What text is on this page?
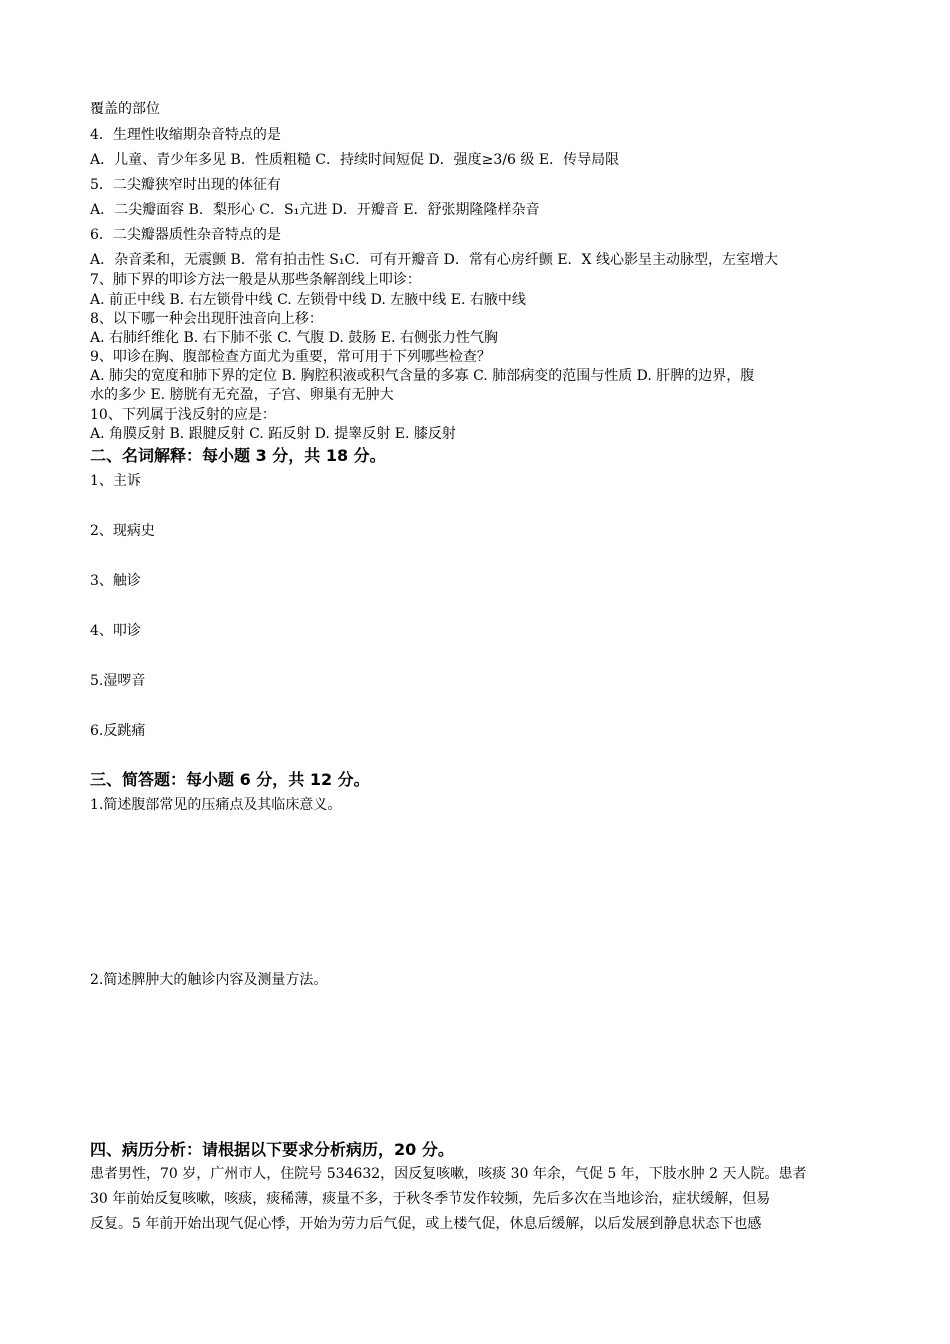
覆盖的部位
4．生理性收缩期杂音特点的是
A．儿童、青少年多见 B．性质粗糙 C．持续时间短促 D．强度≥3/6 级 E．传导局限
5．二尖瓣狭窄时出现的体征有
A．二尖瓣面容 B．梨形心 C．S₁亢进 D．开瓣音 E．舒张期隆隆样杂音
6．二尖瓣器质性杂音特点的是
A．杂音柔和，无震颤 B．常有拍击性 S₁C．可有开瓣音 D．常有心房纤颤 E．X 线心影呈主动脉型，左室增大
7、肺下界的叩诊方法一般是从那些条解剖线上叩诊：
A. 前正中线 B. 右左锁骨中线 C. 左锁骨中线 D. 左腋中线 E. 右腋中线
8、以下哪一种会出现肝浊音向上移：
A. 右肺纤维化 B. 右下肺不张 C. 气腹 D. 鼓肠 E. 右侧张力性气胸
9、叩诊在胸、腹部检查方面尤为重要，常可用于下列哪些检查？
A. 肺尖的宽度和肺下界的定位 B. 胸腔积液或积气含量的多寡 C. 肺部病变的范围与性质 D. 肝脾的边界，腹
水的多少 E. 膀胱有无充盈，子宫、卵巢有无肿大
10、下列属于浅反射的应是：
A. 角膜反射 B. 跟腱反射 C. 跖反射 D. 提睾反射 E. 膝反射
二、名词解释：每小题 3 分，共 18 分。
1、主诉
2、现病史
3、触诊
4、叩诊
5.湿啰音
6.反跳痛
三、简答题：每小题 6 分，共 12 分。
1.简述腹部常见的压痛点及其临床意义。
2.简述脾肿大的触诊内容及测量方法。
四、病历分析：请根据以下要求分析病历，20 分。
患者男性，70 岁，广州市人，住院号 534632，因反复咳嗽，咳痰 30 年余，气促 5 年，下肢水肿 2 天人院。患者
30 年前始反复咳嗽，咳痰，痰稀薄，痰量不多，于秋冬季节发作较频，先后多次在当地诊治，症状缓解，但易
反复。5 年前开始出现气促心悸，开始为劳力后气促，或上楼气促，休息后缓解，以后发展到静息状态下也感
